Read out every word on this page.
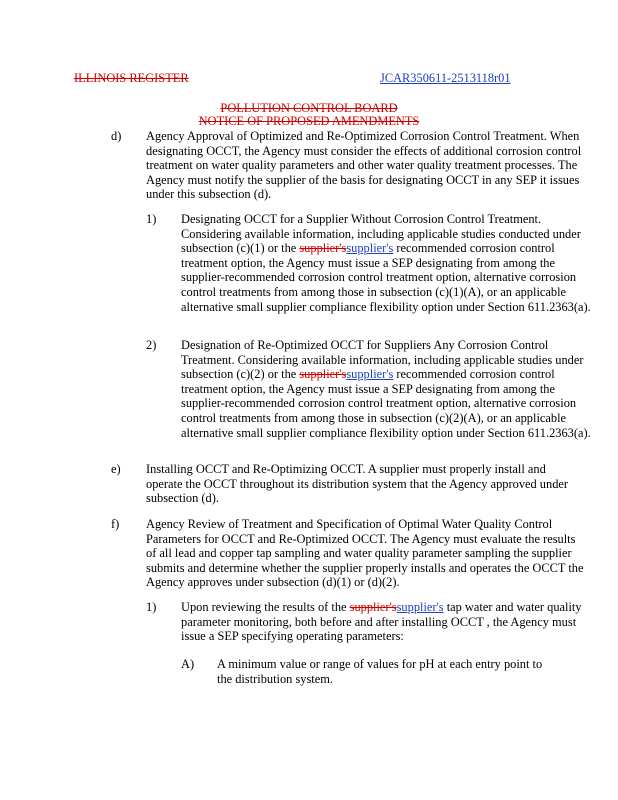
ILLINOIS REGISTER	JCAR350611-2513118r01
POLLUTION CONTROL BOARD
NOTICE OF PROPOSED AMENDMENTS
d) Agency Approval of Optimized and Re-Optimized Corrosion Control Treatment. When designating OCCT, the Agency must consider the effects of additional corrosion control treatment on water quality parameters and other water quality treatment processes. The Agency must notify the supplier of the basis for designating OCCT in any SEP it issues under this subsection (d).
1) Designating OCCT for a Supplier Without Corrosion Control Treatment. Considering available information, including applicable studies conducted under subsection (c)(1) or the supplier'ssupplier's recommended corrosion control treatment option, the Agency must issue a SEP designating from among the supplier-recommended corrosion control treatment option, alternative corrosion control treatments from among those in subsection (c)(1)(A), or an applicable alternative small supplier compliance flexibility option under Section 611.2363(a).
2) Designation of Re-Optimized OCCT for Suppliers Any Corrosion Control Treatment. Considering available information, including applicable studies under subsection (c)(2) or the supplier'ssupplier's recommended corrosion control treatment option, the Agency must issue a SEP designating from among the supplier-recommended corrosion control treatment option, alternative corrosion control treatments from among those in subsection (c)(2)(A), or an applicable alternative small supplier compliance flexibility option under Section 611.2363(a).
e) Installing OCCT and Re-Optimizing OCCT. A supplier must properly install and operate the OCCT throughout its distribution system that the Agency approved under subsection (d).
f) Agency Review of Treatment and Specification of Optimal Water Quality Control Parameters for OCCT and Re-Optimized OCCT. The Agency must evaluate the results of all lead and copper tap sampling and water quality parameter sampling the supplier submits and determine whether the supplier properly installs and operates the OCCT the Agency approves under subsection (d)(1) or (d)(2).
1) Upon reviewing the results of the supplier'ssupplier's tap water and water quality parameter monitoring, both before and after installing OCCT , the Agency must issue a SEP specifying operating parameters:
A) A minimum value or range of values for pH at each entry point to the distribution system.
